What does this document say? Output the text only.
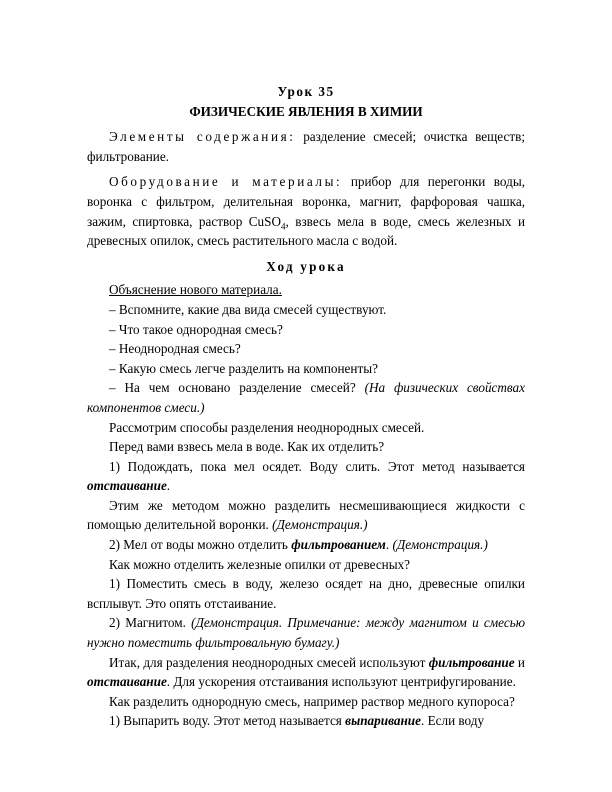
Урок 35

ФИЗИЧЕСКИЕ ЯВЛЕНИЯ В ХИМИИ

Элементы содержания: разделение смесей; очистка веществ; фильтрование.

Оборудование и материалы: прибор для перегонки воды, воронка с фильтром, делительная воронка, магнит, фарфоровая чашка, зажим, спиртовка, раствор CuSO$_4$, взвесь мела в воде, смесь железных и древесных опилок, смесь растительного масла с водой.

Ход урока

Объяснение нового материала.

– Вспомните, какие два вида смесей существуют.

– Что такое однородная смесь?

– Неоднородная смесь?

– Какую смесь легче разделить на компоненты?

– На чем основано разделение смесей? (На физических свойствах компонентов смеси.)

Рассмотрим способы разделения неоднородных смесей.

Перед вами взвесь мела в воде. Как их отделить?

1) Подождать, пока мел осядет. Воду слить. Этот метод называется отстаивание.

Этим же методом можно разделить несмешивающиеся жидкости с помощью делительной воронки. (Демонстрация.)

2) Мел от воды можно отделить фильтрованием. (Демонстрация.)

Как можно отделить железные опилки от древесных?

1) Поместить смесь в воду, железо осядет на дно, древесные опилки всплывут. Это опять отстаивание.

2) Магнитом. (Демонстрация. Примечание: между магнитом и смесью нужно поместить фильтровальную бумагу.)

Итак, для разделения неоднородных смесей используют фильтрование и отстаивание. Для ускорения отстаивания используют центрифугирование.

Как разделить однородную смесь, например раствор медного купороса?

1) Выпарить воду. Этот метод называется выпаривание. Если воду
